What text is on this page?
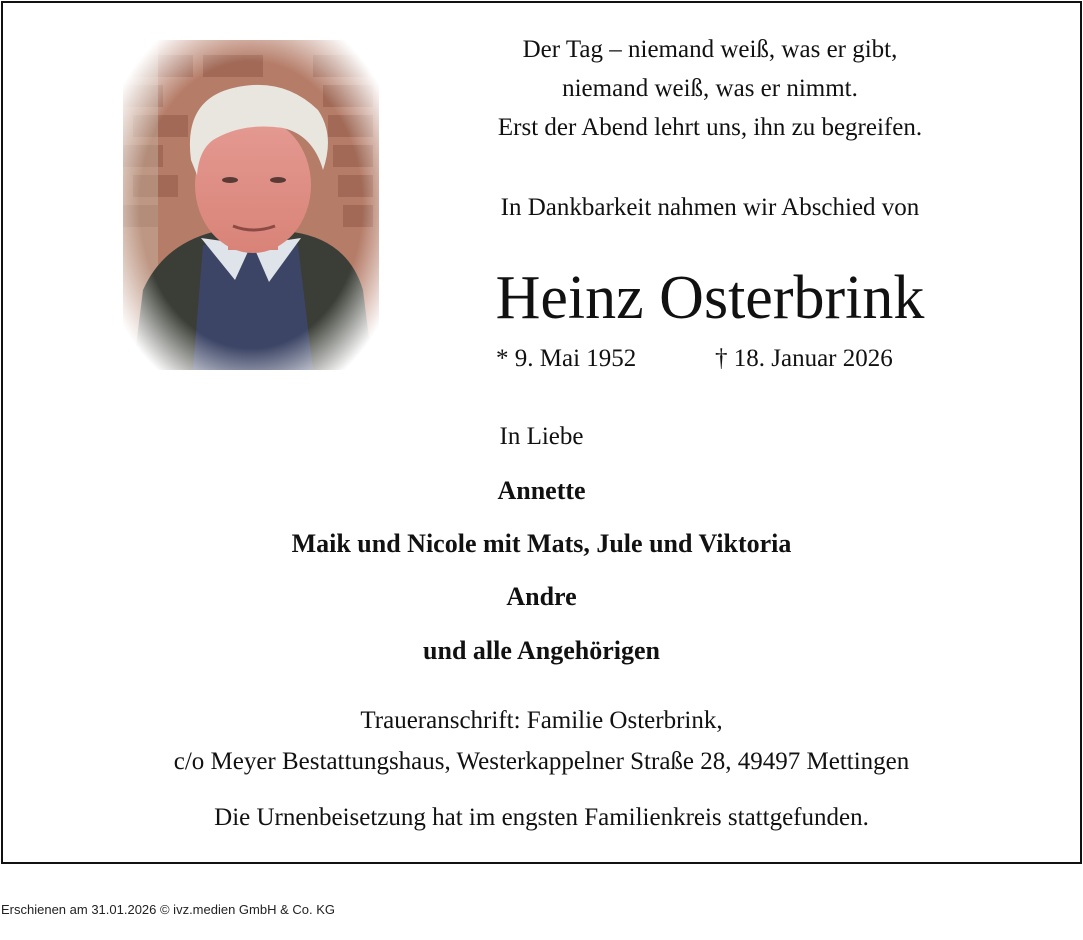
Der Tag – niemand weiß, was er gibt,
niemand weiß, was er nimmt.
Erst der Abend lehrt uns, ihn zu begreifen.
In Dankbarkeit nahmen wir Abschied von
Heinz Osterbrink
* 9. Mai 1952	† 18. Januar 2026
In Liebe
Annette
Maik und Nicole mit Mats, Jule und Viktoria
Andre
und alle Angehörigen
Traueranschrift: Familie Osterbrink,
c/o Meyer Bestattungshaus, Westerkappelner Straße 28, 49497 Mettingen
Die Urnenbeisetzung hat im engsten Familienkreis stattgefunden.
Erschienen am 31.01.2026 © ivz.medien GmbH & Co. KG
